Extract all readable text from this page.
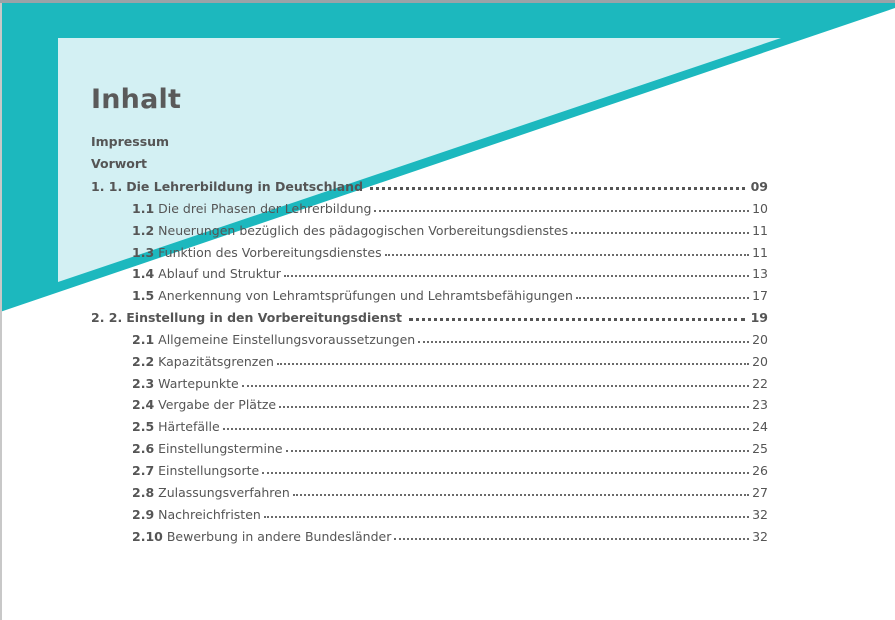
Inhalt
Impressum
Vorwort
1. 1. Die Lehrerbildung in Deutschland	09
1.1 Die drei Phasen der Lehrerbildung	10
1.2 Neuerungen bezüglich des pädagogischen Vorbereitungsdienstes	11
1.3 Funktion des Vorbereitungsdienstes	11
1.4 Ablauf und Struktur	13
1.5 Anerkennung von Lehramtsprüfungen und Lehramtsbefähigungen	17
2. 2. Einstellung in den Vorbereitungsdienst	19
2.1 Allgemeine Einstellungsvoraussetzungen	20
2.2 Kapazitätsgrenzen	20
2.3 Wartepunkte	22
2.4 Vergabe der Plätze	23
2.5 Härtefälle	24
2.6 Einstellungstermine	25
2.7 Einstellungsorte	26
2.8 Zulassungsverfahren	27
2.9 Nachreichfristen	32
2.10 Bewerbung in andere Bundesländer	32
